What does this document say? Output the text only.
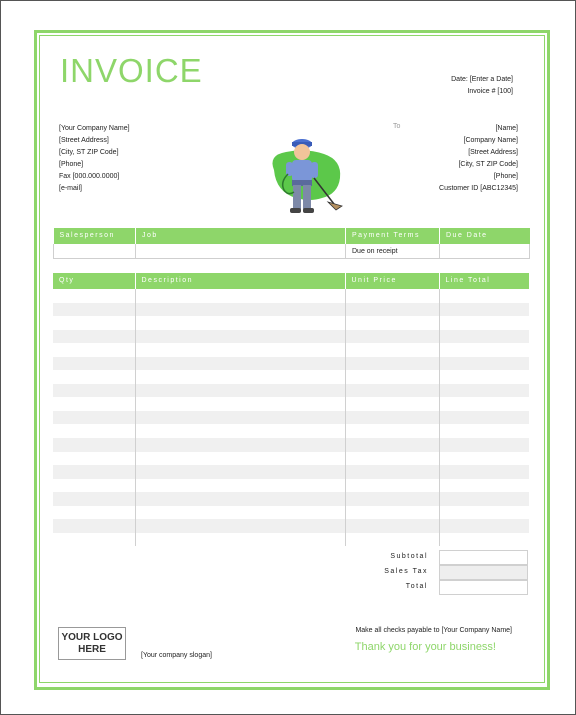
INVOICE	Date: [Enter a Date]
Invoice # [100]
[Your Company Name]
[Street Address]
[City, ST ZIP Code]
[Phone]
Fax [000.000.0000]
[e-mail]
To	[Name]
[Company Name]
[Street Address]
[City, ST ZIP Code]
[Phone]
Customer ID [ABC12345]
Salesperson	Job	Payment Terms	Due Date
		Due on receipt	
Qty	Description	Unit Price	Line Total

Subtotal
Sales Tax
Total
YOUR LOGO
HERE
[Your company slogan]
Make all checks payable to [Your Company Name]
Thank you for your business!
